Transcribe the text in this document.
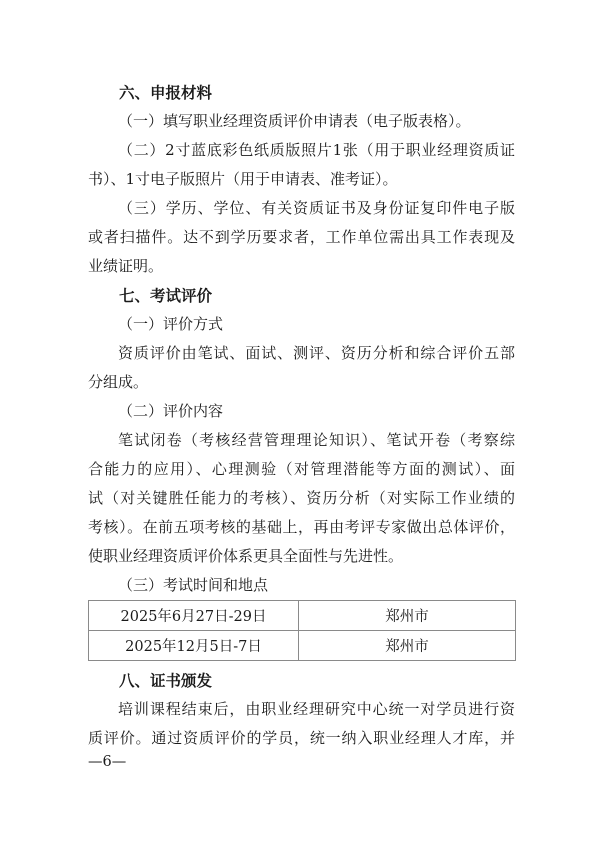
六、申报材料
（一）填写职业经理资质评价申请表（电子版表格）。
（二）2寸蓝底彩色纸质版照片1张（用于职业经理资质证
书）、1寸电子版照片（用于申请表、准考证）。
（三）学历、学位、有关资质证书及身份证复印件电子版
或者扫描件。达不到学历要求者，工作单位需出具工作表现及
业绩证明。
七、考试评价
（一）评价方式
资质评价由笔试、面试、测评、资历分析和综合评价五部
分组成。
（二）评价内容
笔试闭卷（考核经营管理理论知识）、笔试开卷（考察综
合能力的应用）、心理测验（对管理潜能等方面的测试）、面
试（对关键胜任能力的考核）、资历分析（对实际工作业绩的
考核）。在前五项考核的基础上，再由考评专家做出总体评价，
使职业经理资质评价体系更具全面性与先进性。
（三）考试时间和地点
2025年6月27日-29日	郑州市
2025年12月5日-7日	郑州市
八、证书颁发
培训课程结束后，由职业经理研究中心统一对学员进行资
质评价。通过资质评价的学员，统一纳入职业经理人才库，并
—6—
